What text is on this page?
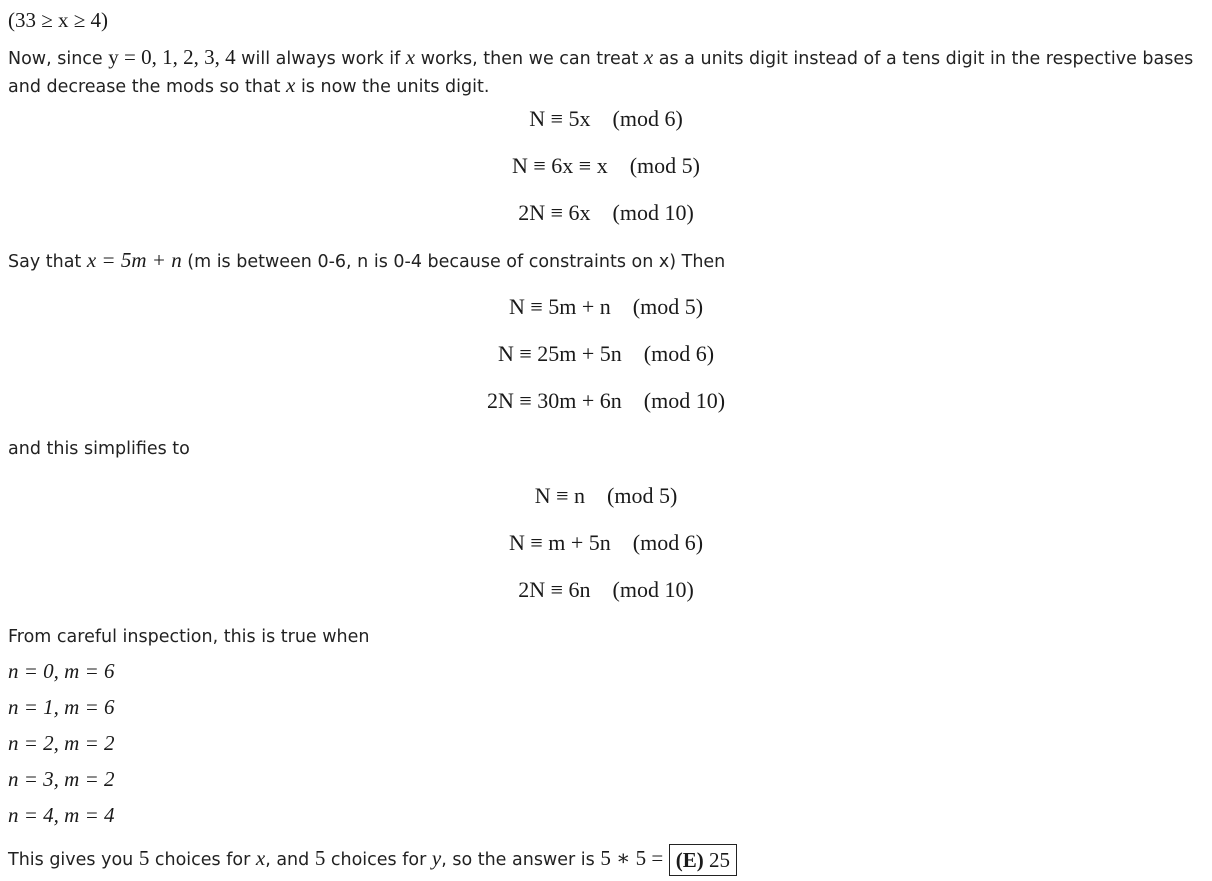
(33 ≥ x ≥ 4)
Now, since y = 0, 1, 2, 3, 4 will always work if x works, then we can treat x as a units digit instead of a tens digit in the respective bases and decrease the mods so that x is now the units digit.
N ≡ 5x    (mod 6)
N ≡ 6x ≡ x    (mod 5)
2N ≡ 6x    (mod 10)
Say that x = 5m + n (m is between 0-6, n is 0-4 because of constraints on x) Then
N ≡ 5m + n    (mod 5)
N ≡ 25m + 5n    (mod 6)
2N ≡ 30m + 6n    (mod 10)
and this simplifies to
N ≡ n    (mod 5)
N ≡ m + 5n    (mod 6)
2N ≡ 6n    (mod 10)
From careful inspection, this is true when
n = 0, m = 6
n = 1, m = 6
n = 2, m = 2
n = 3, m = 2
n = 4, m = 4
This gives you 5 choices for x, and 5 choices for y, so the answer is 5 ∗ 5 = (E) 25
